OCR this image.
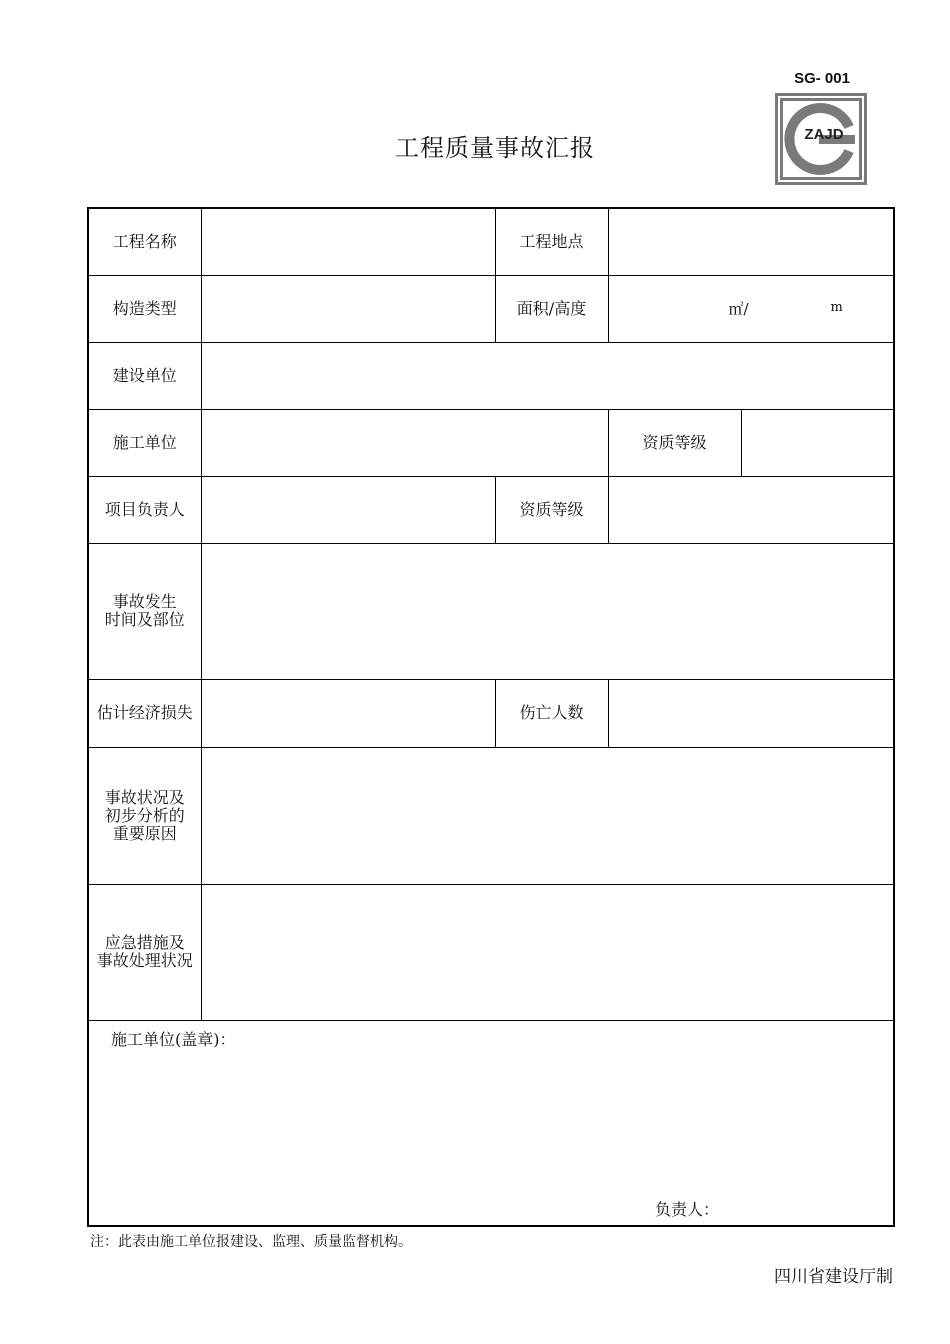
SG- 001
ZAJD
工程质量事故汇报
工程名称		工程地点		
构造类型		面积/高度	㎡/ m	

建设单位				
施工单位			资质等级	
项目负责人		资质等级		

事故发生
时间及部位				

估计经济损失		伤亡人数		

事故状况及
初步分析的
重要原因				

应急措施及
事故处理状况				

施工单位(盖章)：
负责人：				
注：此表由施工单位报建设、监理、质量监督机构。
四川省建设厅制
